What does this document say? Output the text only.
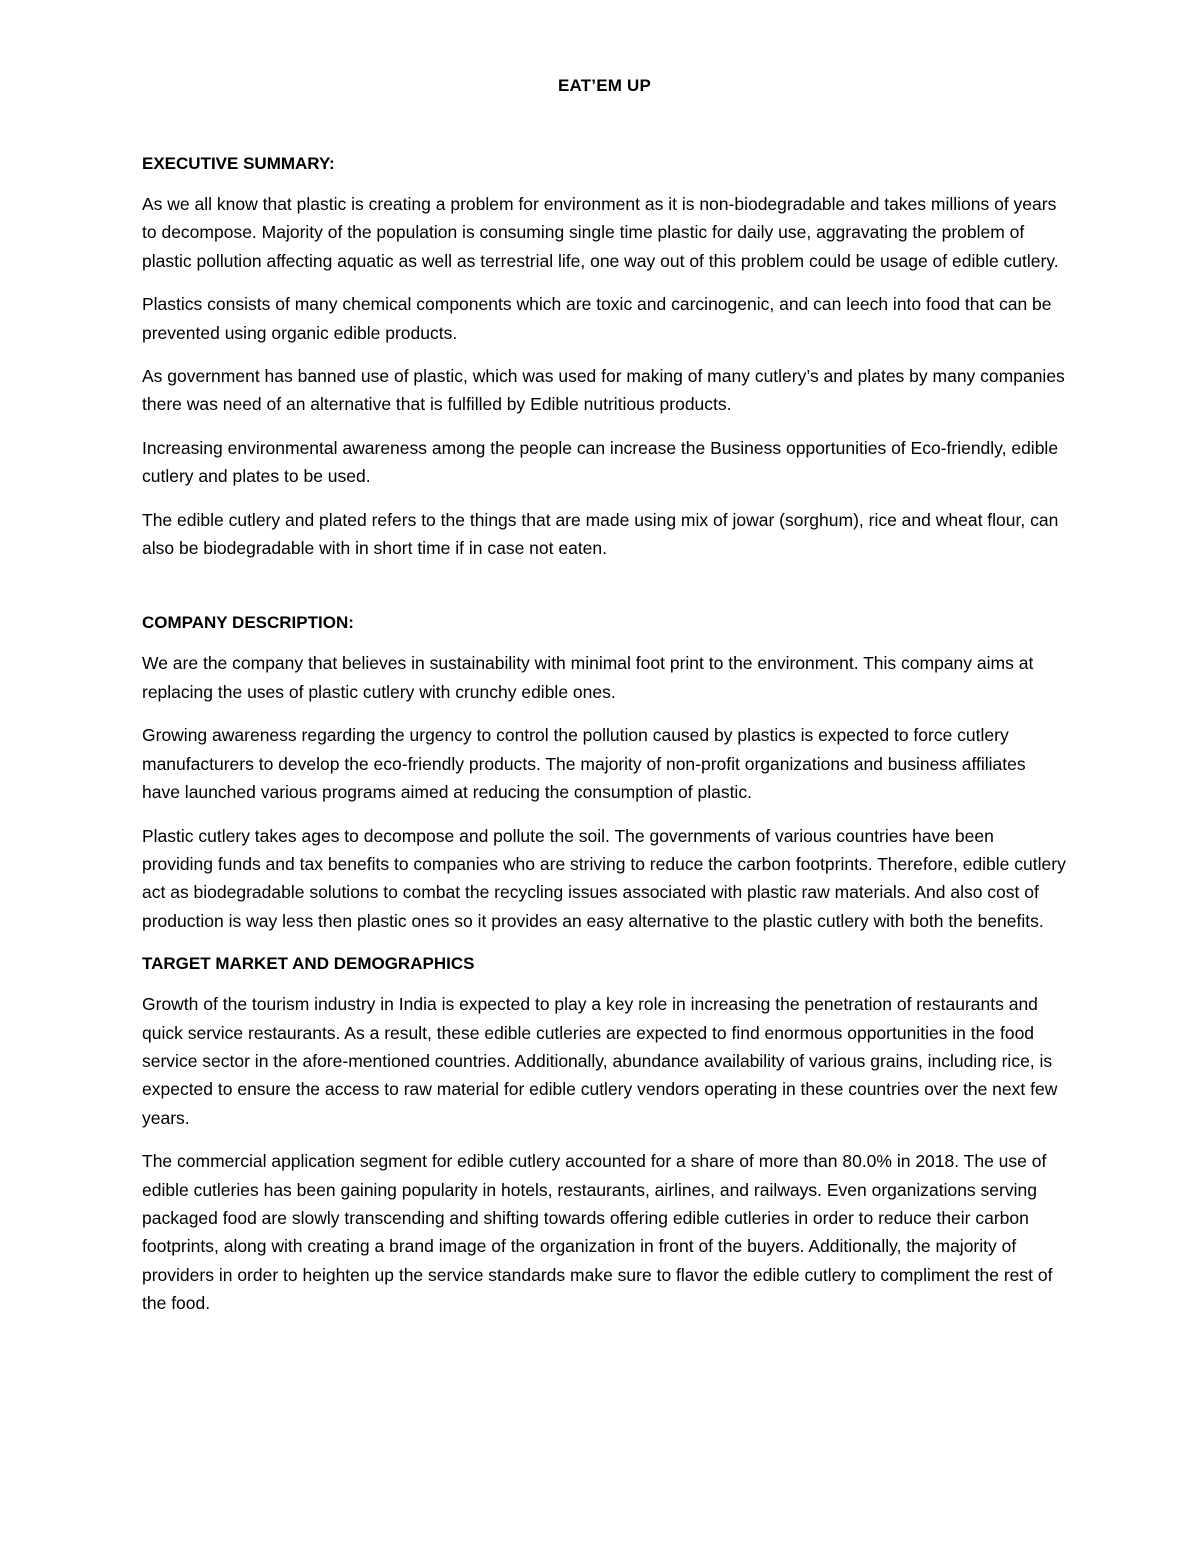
EAT’EM UP
EXECUTIVE SUMMARY:

As we all know that plastic is creating a problem for environment as it is non-biodegradable and takes millions of years to decompose. Majority of the population is consuming single time plastic for daily use, aggravating the problem of plastic pollution affecting aquatic as well as terrestrial life, one way out of this problem could be usage of edible cutlery.

Plastics consists of many chemical components which are toxic and carcinogenic, and can leech into food that can be prevented using organic edible products.

As government has banned use of plastic, which was used for making of many cutlery’s and plates by many companies there was need of an alternative that is fulfilled by Edible nutritious products.

Increasing environmental awareness among the people can increase the Business opportunities of Eco-friendly, edible cutlery and plates to be used.

The edible cutlery and plated refers to the things that are made using mix of jowar (sorghum), rice and wheat flour, can also be biodegradable with in short time if in case not eaten.

COMPANY DESCRIPTION:

We are the company that believes in sustainability with minimal foot print to the environment. This company aims at replacing the uses of plastic cutlery with crunchy edible ones.

Growing awareness regarding the urgency to control the pollution caused by plastics is expected to force cutlery manufacturers to develop the eco-friendly products. The majority of non-profit organizations and business affiliates have launched various programs aimed at reducing the consumption of plastic.

Plastic cutlery takes ages to decompose and pollute the soil. The governments of various countries have been providing funds and tax benefits to companies who are striving to reduce the carbon footprints. Therefore, edible cutlery act as biodegradable solutions to combat the recycling issues associated with plastic raw materials. And also cost of production is way less then plastic ones so it provides an easy alternative to the plastic cutlery with both the benefits.

TARGET MARKET AND DEMOGRAPHICS

Growth of the tourism industry in India is expected to play a key role in increasing the penetration of restaurants and quick service restaurants. As a result, these edible cutleries are expected to find enormous opportunities in the food service sector in the afore-mentioned countries. Additionally, abundance availability of various grains, including rice, is expected to ensure the access to raw material for edible cutlery vendors operating in these countries over the next few years.

The commercial application segment for edible cutlery accounted for a share of more than 80.0% in 2018. The use of edible cutleries has been gaining popularity in hotels, restaurants, airlines, and railways. Even organizations serving packaged food are slowly transcending and shifting towards offering edible cutleries in order to reduce their carbon footprints, along with creating a brand image of the organization in front of the buyers. Additionally, the majority of providers in order to heighten up the service standards make sure to flavor the edible cutlery to compliment the rest of the food.
